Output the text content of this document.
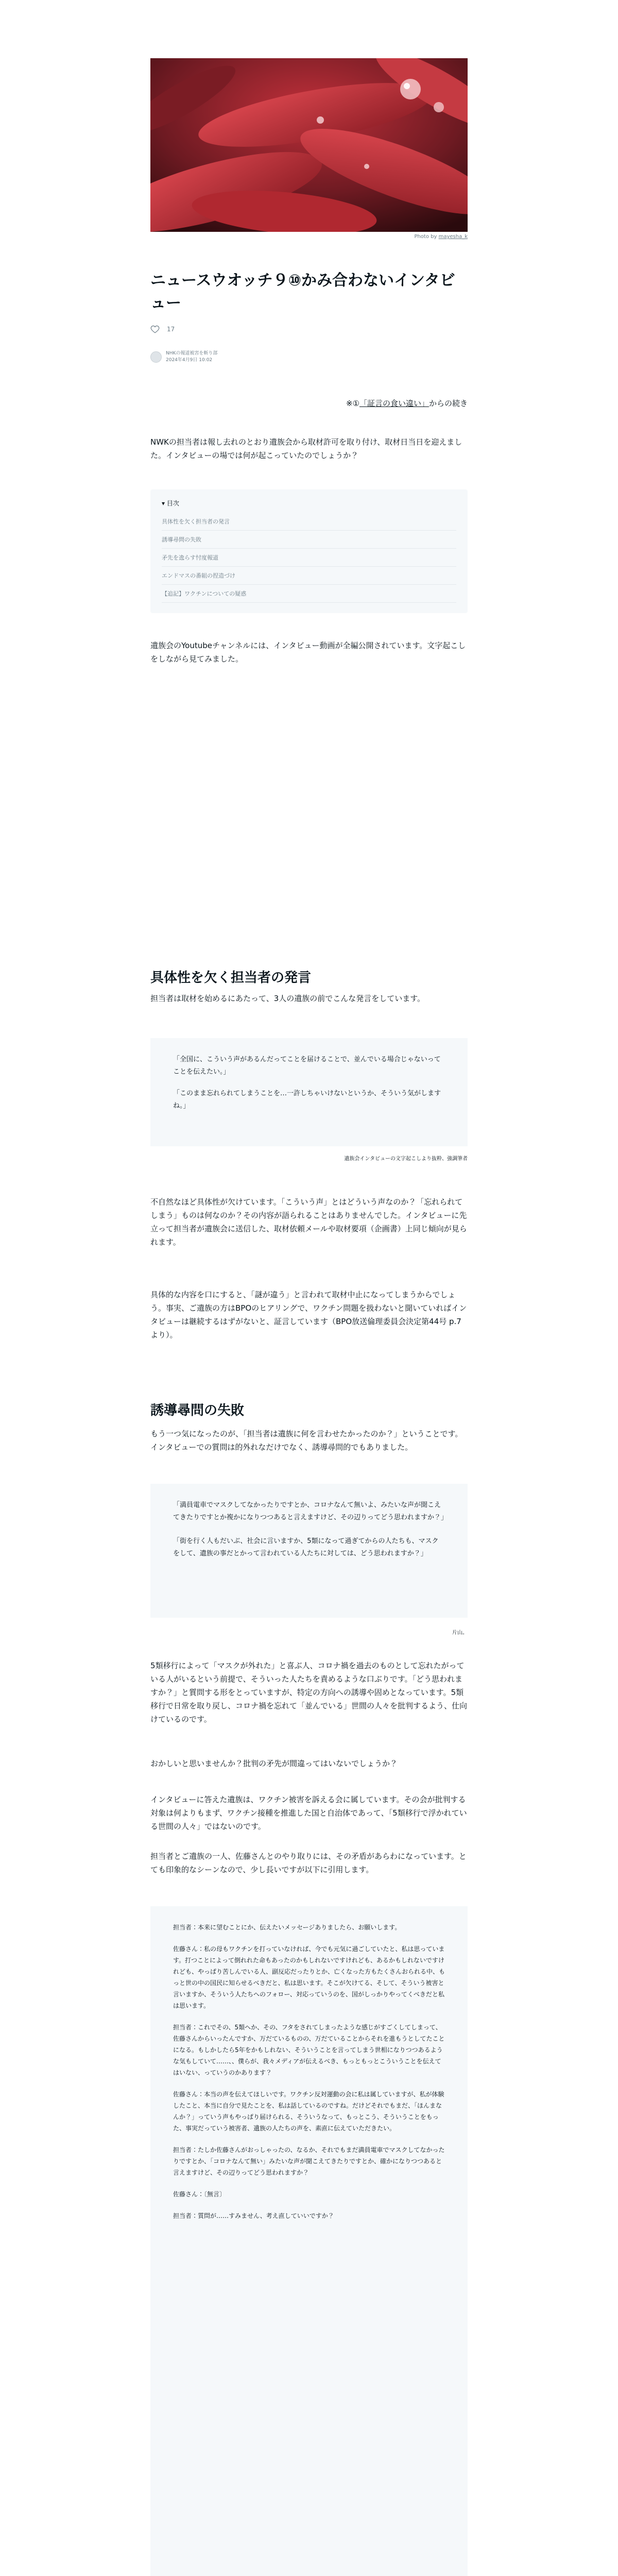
Photo by mayesha_k
ニュースウオッチ９⑩かみ合わないインタビュー
17
NHKの報道被害を斬り部
2024年4月9日 10:02
※①「証言の食い違い」からの続き

NWKの担当者は報し去れのとおり遺族会から取材許可を取り付け、取材日当日を迎えました。インタビューの場では何が起こっていたのでしょうか？

▾ 目次
具体性を欠く担当者の発言
誘導尋問の失敗
矛先を逸らす忖度報道
エンドマスの番組の捏造づけ
【追記】ワクチンについての疑惑

遺族会のYoutubeチャンネルには、インタビュー動画が全編公開されています。文字起こしをしながら見てみました。

具体性を欠く担当者の発言

担当者は取材を始めるにあたって、3人の遺族の前でこんな発言をしています。

「全国に、こういう声があるんだってことを届けることで、並んでいる場合じゃないってことを伝えたい。」

「このまま忘れられてしまうことを…一許しちゃいけないというか、そういう気がしますね。」

遺族会インタビューの文字起こしより抜粋、強調筆者

不自然なほど具体性が欠けています。「こういう声」とはどういう声なのか？「忘れられてしまう」ものは何なのか？その内容が語られることはありませんでした。インタビューに先立って担当者が遺族会に送信した、取材依頼メールや取材要項（企画書）上同じ傾向が見られます。

具体的な内容を口にすると、「謎が違う」と言われて取材中止になってしまうからでしょう。事実、ご遺族の方はBPOのヒアリングで、ワクチン問題を扱わないと聞いていればインタビューは継続するはずがないと、証言しています（BPO放送倫理委員会決定第44号 p.7より）。

誘導尋問の失敗

もう一つ気になったのが、「担当者は遺族に何を言わせたかったのか？」ということです。インタビューでの質問は的外れなだけでなく、誘導尋問的でもありました。

「満員電車でマスクしてなかったりですとか、コロナなんて無いよ、みたいな声が聞こえてきたりですとか複かになりつつあると言えますけど、その辺りってどう思われますか？」

「街を行く人もだいぶ、社会に言いますか、5類になって過ぎてからの人たちも、マスクをして、遺族の事だとかって言われている人たちに対しては、どう思われますか？」

片山。

5類移行によって「マスクが外れた」と喜ぶ人、コロナ禍を過去のものとして忘れたがっている人がいるという前提で、そういった人たちを責めるような口ぶりです。「どう思われますか？」と質問する形をとっていますが、特定の方向への誘導や固めとなっています。5類移行で日常を取り戻し、コロナ禍を忘れて「並んでいる」世間の人々を批判するよう、仕向けているのです。

おかしいと思いませんか？批判の矛先が間違ってはいないでしょうか？

インタビューに答えた遺族は、ワクチン被害を訴える会に属しています。その会が批判する対象は何よりもまず、ワクチン接種を推進した国と自治体であって、「5類移行で浮かれている世間の人々」ではないのです。

担当者とご遺族の一人、佐藤さんとのやり取りには、その矛盾があらわになっています。とても印象的なシーンなので、少し長いですが以下に引用します。

担当者：本来に望むことにか、伝えたいメッセージありましたら、お願いします。

佐藤さん：私の母もワクチンを打っていなければ、今でも元気に過ごしていたと、私は思っています。打つことによって倒れれた命もあったのかもしれないですけれども、あるかもしれないですけれども、やっぱり苦しんでいる人、副反応だったりとか、亡くなった方もたくさんおられる中、もっと世の中の国民に知らせるべきだと、私は思います。そこが欠けてる、そして、そういう被害と言いますか、そういう人たちへのフォロー、対応っていうのを、国がしっかりやってくべきだと私は思います。

担当者：これでその、5類へか、その、フタをされてしまったような感じがすごくしてしまって、佐藤さんからいったんですか、万だているものの、万だていることからそれを進もうとしてたことになる。もしかしたら5年をかもしれない、そういうことを言ってしまう世相になりつつあるような気もしていて……、、僕らが、我々メディアが伝えるべき、もっともっとこういうことを伝えてはいない、っていうのかあります？

佐藤さん：本当の声を伝えてほしいです。ワクチン反対運動の会に私は属していますが、私が体験したこと、本当に自分で見たことを、私は話しているのですね。だけどそれでもまだ、「ほんまなんか？」っていう声もやっぱり届けられる、そういうなって、もっとこう、そういうことをもった、事実だっていう被害者、遺族の人たちの声を、素直に伝えていただきたい。

担当者：たしか佐藤さんがおっしゃったの、なるか、それでもまだ満員電車でマスクしてなかったりですとか、「コロナなんて無い」みたいな声が聞こえてきたりですとか、確かになりつつあると言えますけど、その辺りってどう思われますか？

佐藤さん：〔無言〕

担当者：質問が……すみません、考え直していいですか？
